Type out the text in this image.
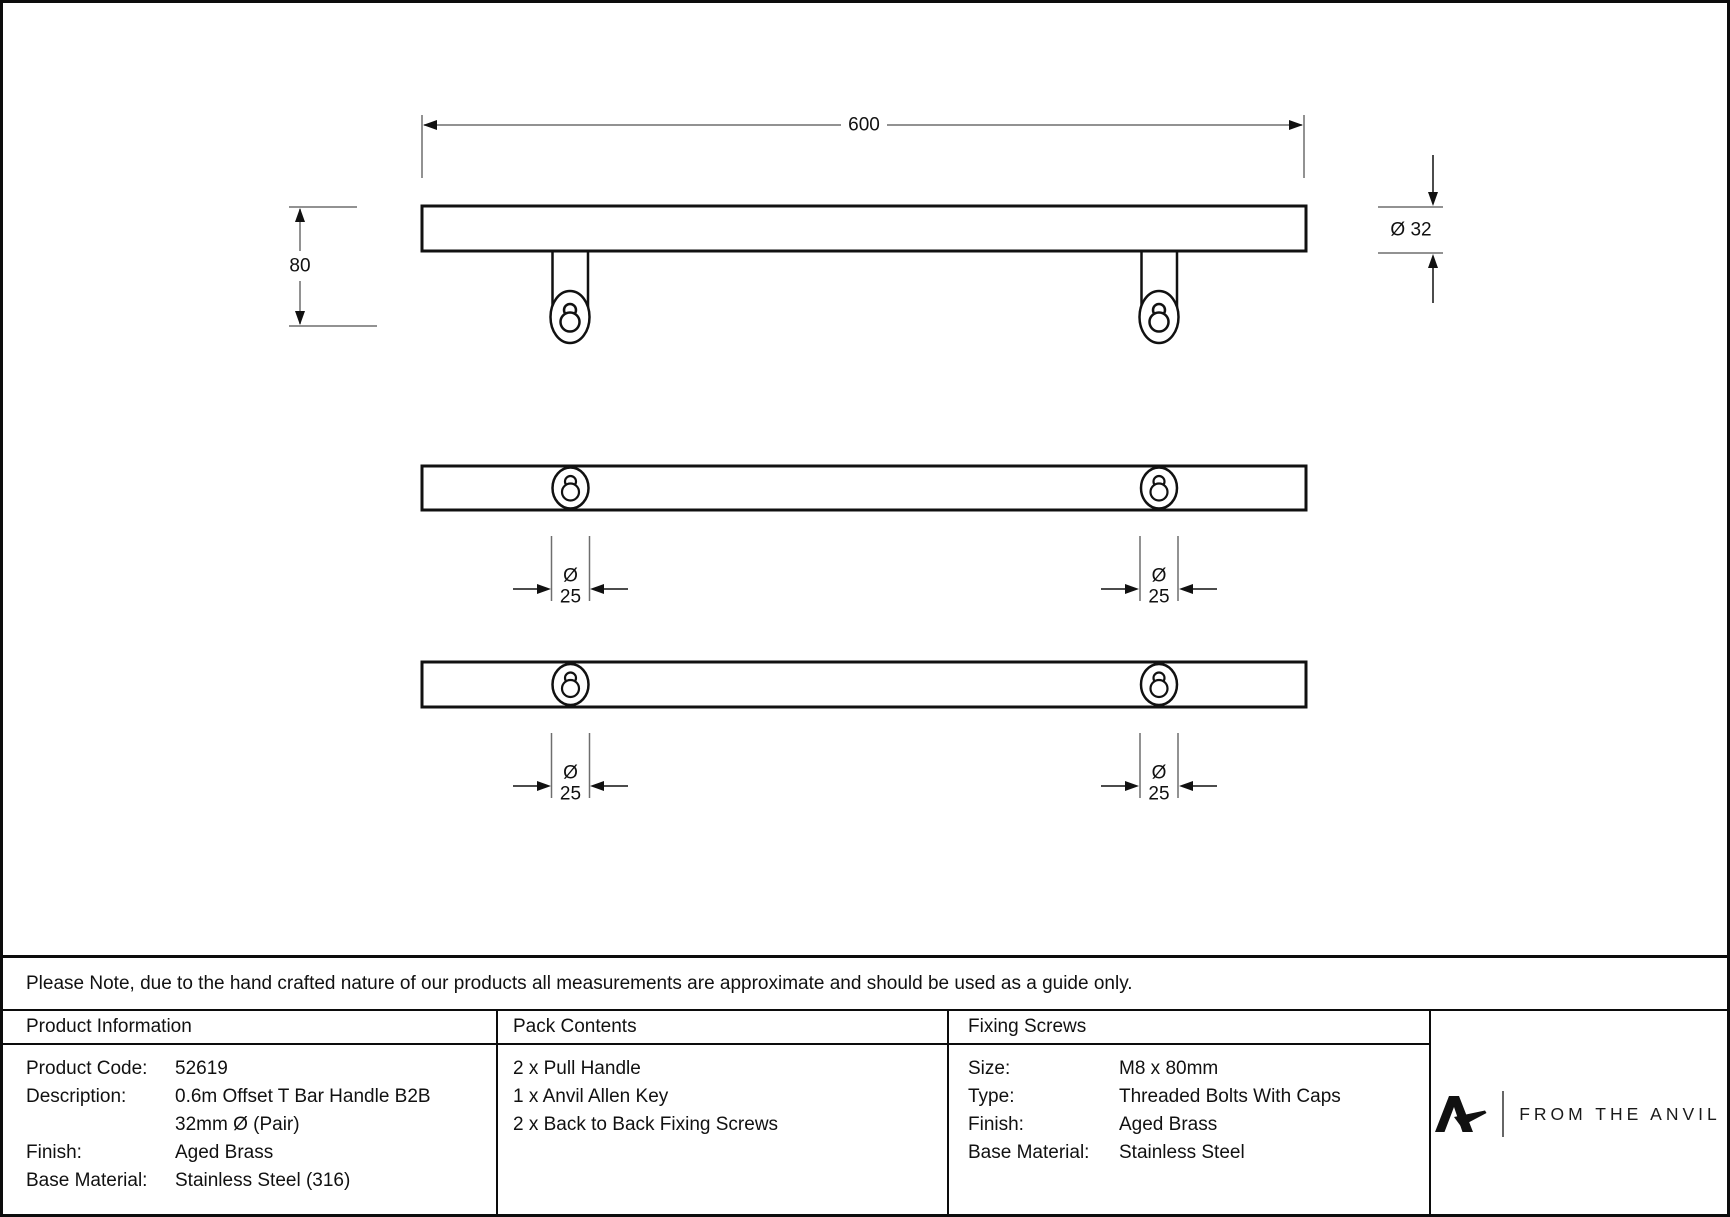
600
80
Ø 32
Ø
25
Ø
25
Ø
25
Ø
25
Please Note, due to the hand crafted nature of our products all measurements are approximate and should be used as a guide only.
Product Information
Product Code:	52619
Description:	0.6m Offset T Bar Handle B2B
32mm Ø (Pair)
Finish:	Aged Brass
Base Material:	Stainless Steel (316)
Pack Contents
2 x Pull Handle
1 x Anvil Allen Key
2 x Back to Back Fixing Screws
Fixing Screws
Size:	M8 x 80mm
Type:	Threaded Bolts With Caps
Finish:	Aged Brass
Base Material:	Stainless Steel
FROM THE ANVIL
